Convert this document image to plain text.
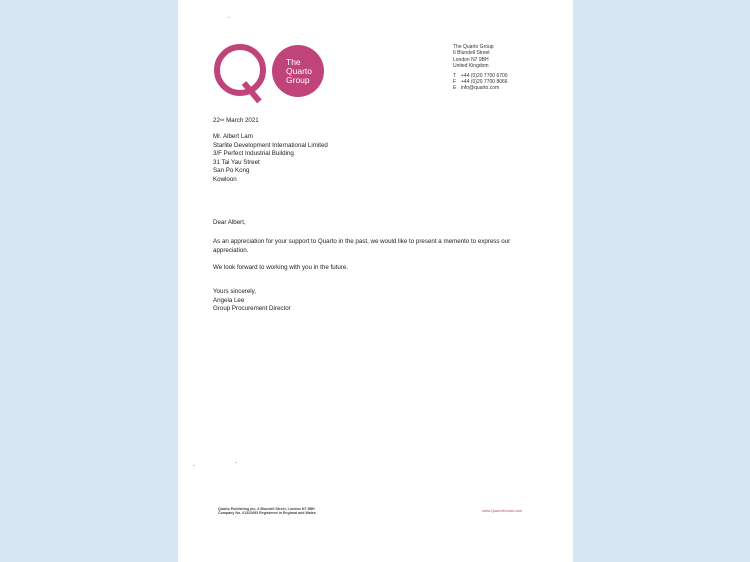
The
Quarto
Group
The Quarto Group
6 Blundell Street
London N7 9BH
United Kingdom
T +44 (0)20 7700 6700
F +44 (0)20 7700 8066
E info@quarto.com
22nd March 2021

Mr. Albert Lam

Starlite Development International Limited

3/F Perfect Industrial Building

31 Tai Yau Street

San Po Kong

Kowloon

Dear Albert,
As an appreciation for your support to Quarto in the past, we would like to present a memento to express our appreciation.
We look forward to working with you in the future.

Yours sincerely,

Angela Lee

Group Procurement Director

Quarto Publishing plc, 6 Blundell Street, London N7 9BH
Company No. 01322693 Registered in England and Wales
www.QuartoKnows.com
